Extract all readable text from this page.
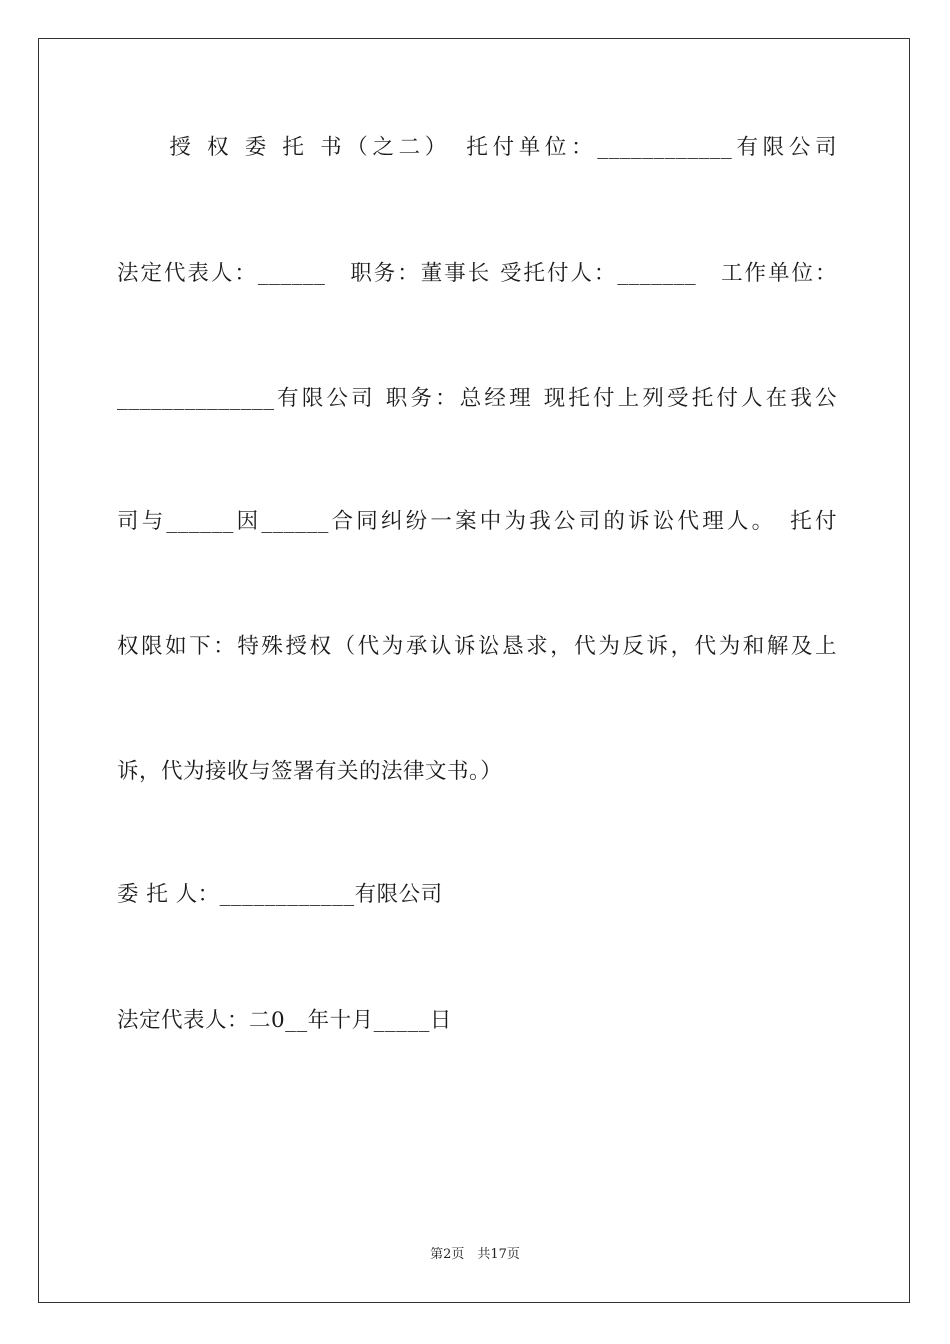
　　授 权 委 托 书（之二）　托付单位：____________有限公司
法定代表人：______　职务：董事长 受托付人：_______　工作单位：
______________有限公司 职务：总经理 现托付上列受托付人在我公
司与______因______合同纠纷一案中为我公司的诉讼代理人。　托付
权限如下：特殊授权（代为承认诉讼恳求，代为反诉，代为和解及上
诉，代为接收与签署有关的法律文书。）
委 托 人：____________有限公司
法定代表人：二0__年十月_____日
第2页　共17页
